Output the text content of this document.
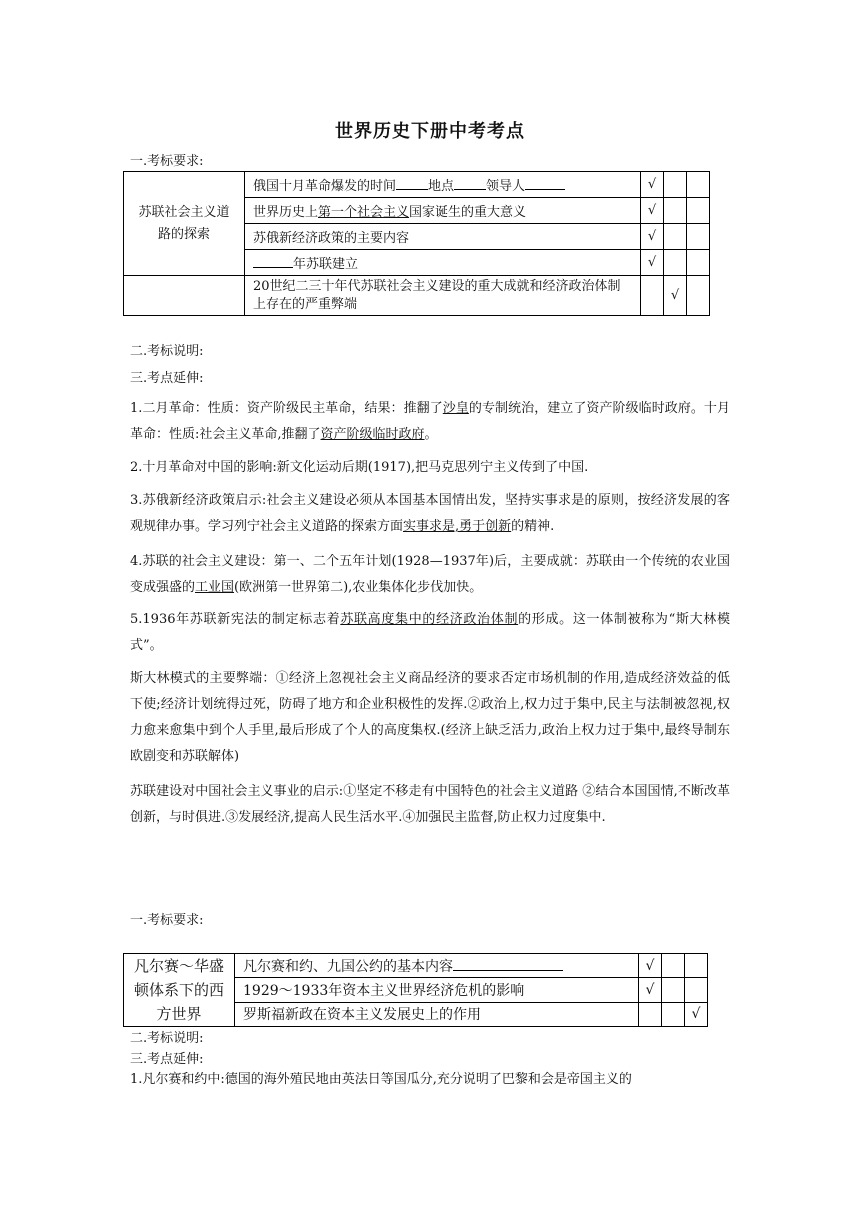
世界历史下册中考考点
一.考标要求:
苏联社会主义道路的探索	俄国十月革命爆发的时间 地点 领导人	√		
	世界历史上第一个社会主义国家诞生的重大意义	√		
	苏俄新经济政策的主要内容	√		
	年苏联建立	√		
	20世纪二三十年代苏联社会主义建设的重大成就和经济政治体制上存在的严重弊端		√	
二.考标说明:
三.考点延伸:
1.二月革命：性质：资产阶级民主革命，结果：推翻了沙皇的专制统治，建立了资产阶级临时政府。十月革命：性质:社会主义革命,推翻了资产阶级临时政府。
2.十月革命对中国的影响:新文化运动后期(1917),把马克思列宁主义传到了中国.
3.苏俄新经济政策启示:社会主义建设必须从本国基本国情出发，坚持实事求是的原则，按经济发展的客观规律办事。学习列宁社会主义道路的探索方面实事求是,勇于创新的精神.
4.苏联的社会主义建设：第一、二个五年计划(1928—1937年)后，主要成就：苏联由一个传统的农业国变成强盛的工业国(欧洲第一世界第二),农业集体化步伐加快。
5.1936年苏联新宪法的制定标志着苏联高度集中的经济政治体制的形成。这一体制被称为“斯大林模式”。
斯大林模式的主要弊端：①经济上忽视社会主义商品经济的要求否定市场机制的作用,造成经济效益的低下使;经济计划统得过死，防碍了地方和企业积极性的发挥.②政治上,权力过于集中,民主与法制被忽视,权力愈来愈集中到个人手里,最后形成了个人的高度集权.(经济上缺乏活力,政治上权力过于集中,最终导制东欧剧变和苏联解体)
苏联建设对中国社会主义事业的启示:①坚定不移走有中国特色的社会主义道路 ②结合本国国情,不断改革创新，与时俱进.③发展经济,提高人民生活水平.④加强民主监督,防止权力过度集中.
一.考标要求:
凡尔赛～华盛顿体系下的西方世界	凡尔赛和约、九国公约的基本内容	√		
	1929～1933年资本主义世界经济危机的影响	√		
	罗斯福新政在资本主义发展史上的作用			√
二.考标说明:
三.考点延伸:
1.凡尔赛和约中:德国的海外殖民地由英法日等国瓜分,充分说明了巴黎和会是帝国主义的
